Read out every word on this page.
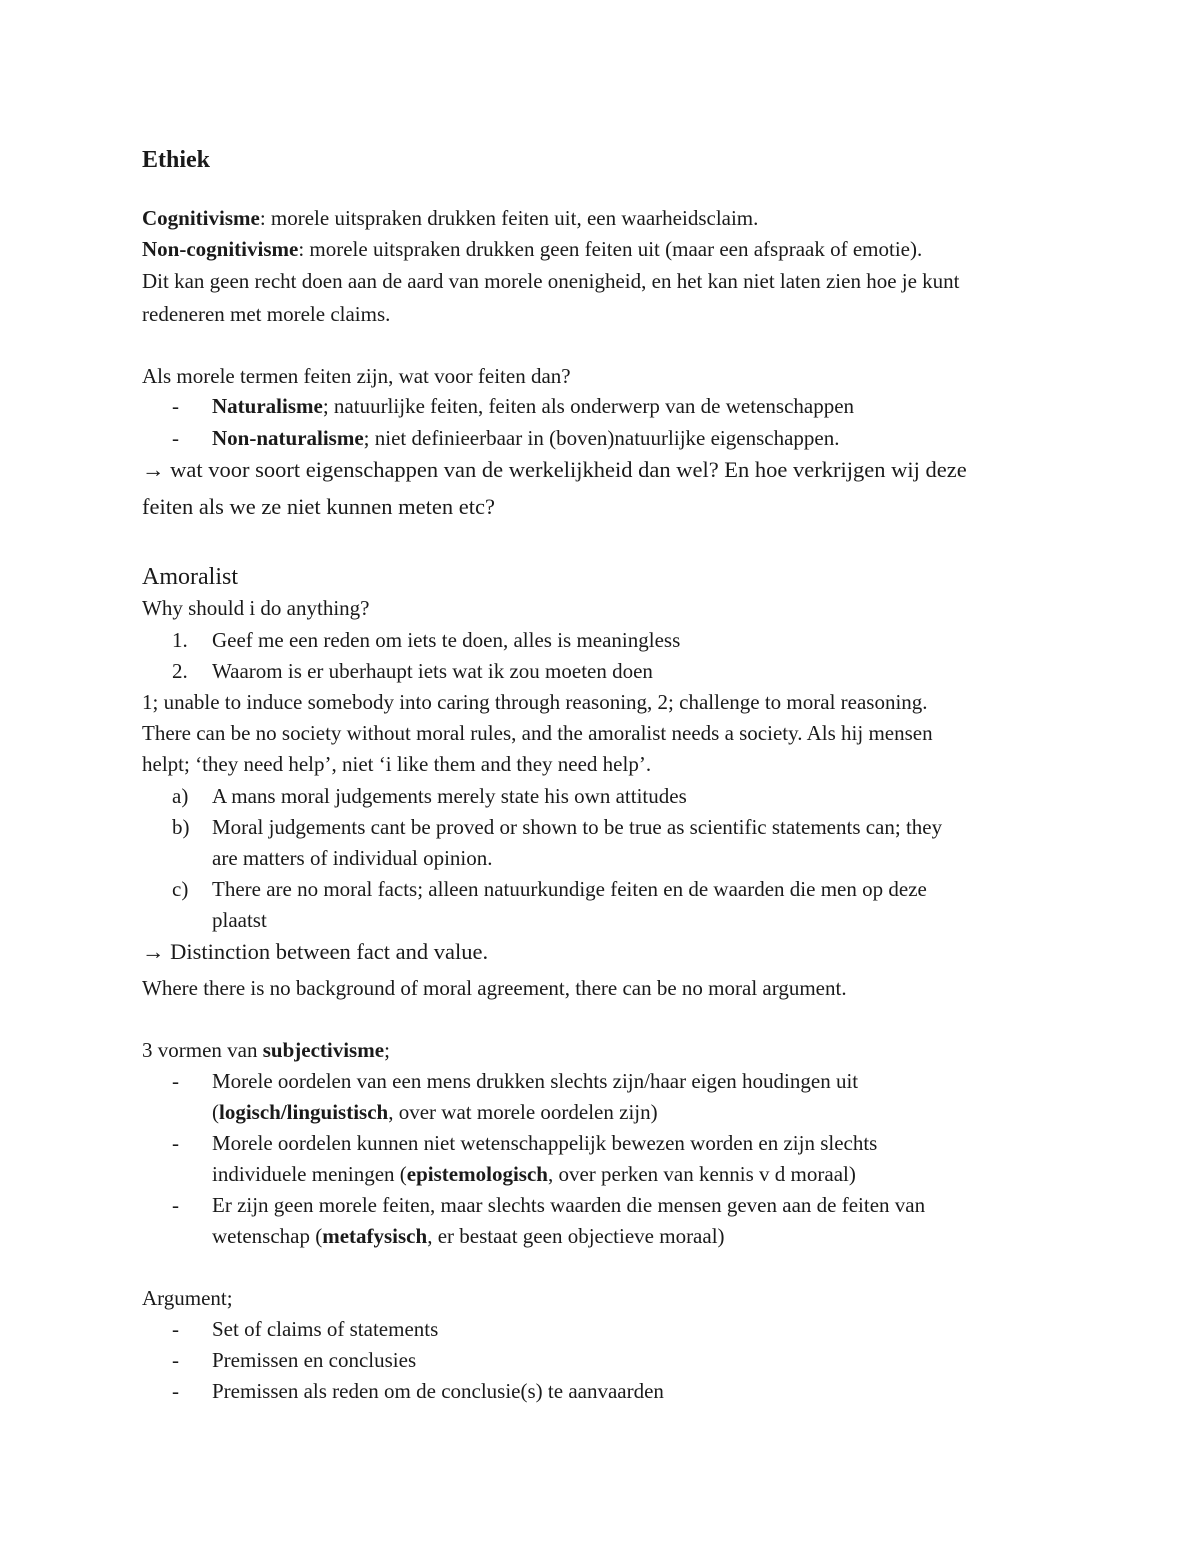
Ethiek
Cognitivisme: morele uitspraken drukken feiten uit, een waarheidsclaim.
Non-cognitivisme: morele uitspraken drukken geen feiten uit (maar een afspraak of emotie).
Dit kan geen recht doen aan de aard van morele onenigheid, en het kan niet laten zien hoe je kunt
redeneren met morele claims.
Als morele termen feiten zijn, wat voor feiten dan?
- Naturalisme; natuurlijke feiten, feiten als onderwerp van de wetenschappen
- Non-naturalisme; niet definieerbaar in (boven)natuurlijke eigenschappen.
→ wat voor soort eigenschappen van de werkelijkheid dan wel? En hoe verkrijgen wij deze
feiten als we ze niet kunnen meten etc?
Amoralist
Why should i do anything?
1. Geef me een reden om iets te doen, alles is meaningless
2. Waarom is er uberhaupt iets wat ik zou moeten doen
1; unable to induce somebody into caring through reasoning, 2; challenge to moral reasoning.
There can be no society without moral rules, and the amoralist needs a society. Als hij mensen
helpt; ‘they need help’, niet ‘i like them and they need help’.
a) A mans moral judgements merely state his own attitudes
b) Moral judgements cant be proved or shown to be true as scientific statements can; they
are matters of individual opinion.
c) There are no moral facts; alleen natuurkundige feiten en de waarden die men op deze
plaatst
→ Distinction between fact and value.
Where there is no background of moral agreement, there can be no moral argument.
3 vormen van subjectivisme;
- Morele oordelen van een mens drukken slechts zijn/haar eigen houdingen uit
(logisch/linguistisch, over wat morele oordelen zijn)
- Morele oordelen kunnen niet wetenschappelijk bewezen worden en zijn slechts
individuele meningen (epistemologisch, over perken van kennis v d moraal)
- Er zijn geen morele feiten, maar slechts waarden die mensen geven aan de feiten van
wetenschap (metafysisch, er bestaat geen objectieve moraal)
Argument;
- Set of claims of statements
- Premissen en conclusies
- Premissen als reden om de conclusie(s) te aanvaarden
